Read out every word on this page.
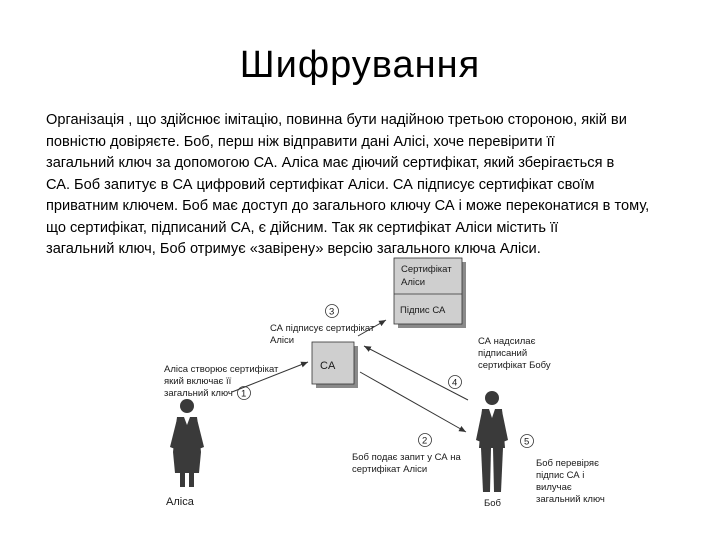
Шифрування
Організація , що здійснює імітацію, повинна бути надійною третьою стороною, якій ви
повністю довіряєте. Боб, перш ніж відправити дані Алісі, хоче перевірити її
загальний ключ за допомогою СА. Аліса має діючий сертифікат, який зберігається в
СА. Боб запитує в СА цифровий сертифікат Аліси. СА підписує сертифікат своїм
приватним ключем. Боб має доступ до загального ключу СА і може переконатися в тому,
що сертифікат, підписаний СА, є дійсним. Так як сертифікат Аліси містить її
загальний ключ, Боб отримує «завірену» версію загального ключа Аліси.
Сертифікат
Аліси
Підпис СА
CA
3
1
4
2	5
СА підписує сертифікат
Аліси
Аліса створює сертифікат
який включає її
загальний ключ
СА надсилає
підписаний
сертифікат Бобу
Боб подає запит у СА на
сертифікат Аліси
Боб перевіряє
підпис СА і
вилучає
загальний ключ
Аліса	Боб
